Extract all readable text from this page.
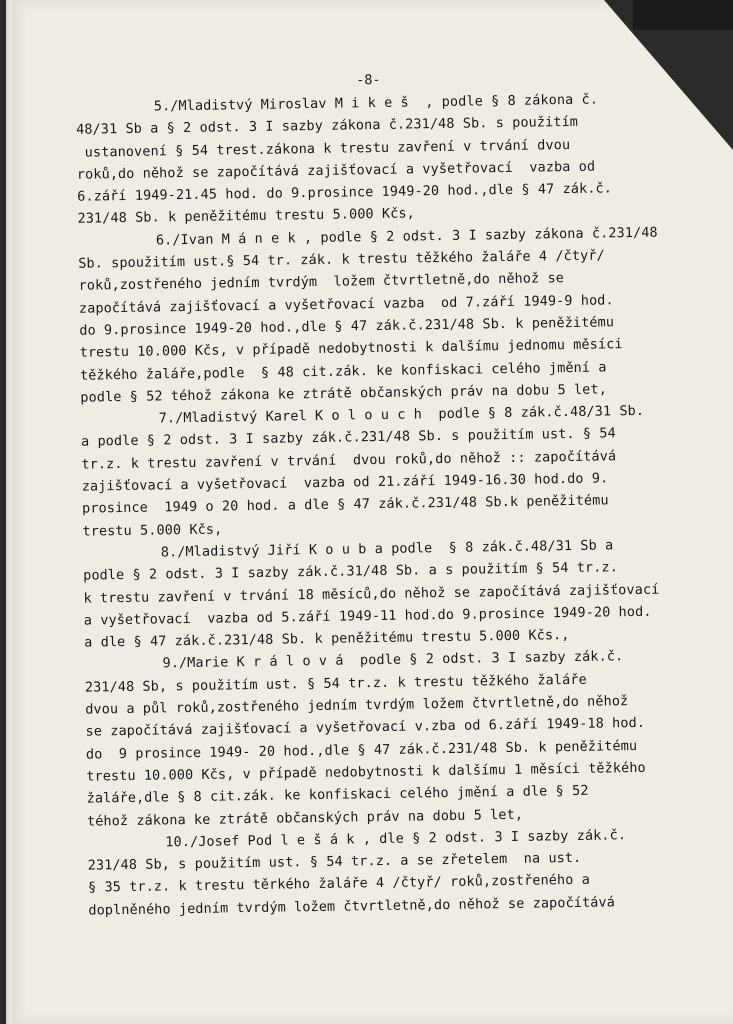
-8-
5./Mladistvý Miroslav M i k e š  , podle § 8 zákona č.
48/31 Sb a § 2 odst. 3 I sazby zákona č.231/48 Sb. s použitím
ustanovení § 54 trest.zákona k trestu zavření v trvání dvou
roků,do něhož se započítává zajišťovací a vyšetřovací  vazba od
6.září 1949-21.45 hod. do 9.prosince 1949-20 hod.,dle § 47 zák.č.
231/48 Sb. k peněžitému trestu 5.000 Kčs,
6./Ivan M á n e k , podle § 2 odst. 3 I sazby zákona č.231/48
Sb. spoužitím ust.§ 54 tr. zák. k trestu těžkého žaláře 4 /čtyř/
roků,zostřeného jedním tvrdým  ložem čtvrtletně,do něhož se
započítává zajišťovací a vyšetřovací vazba  od 7.září 1949-9 hod.
do 9.prosince 1949-20 hod.,dle § 47 zák.č.231/48 Sb. k peněžitému
trestu 10.000 Kčs, v případě nedobytnosti k dalšímu jednomu měsíci
těžkého žaláře,podle  § 48 cit.zák. ke konfiskaci celého jmění a
podle § 52 téhož zákona ke ztrátě občanských práv na dobu 5 let,
7./Mladistvý Karel K o l o u c h  podle § 8 zák.č.48/31 Sb.
a podle § 2 odst. 3 I sazby zák.č.231/48 Sb. s použitím ust. § 54
tr.z. k trestu zavření v trvání  dvou roků,do něhož :: započítává
zajišťovací a vyšetřovací  vazba od 21.září 1949-16.30 hod.do 9.
prosince  1949 o 20 hod. a dle § 47 zák.č.231/48 Sb.k peněžitému
trestu 5.000 Kčs,
8./Mladistvý Jiří K o u b a podle  § 8 zák.č.48/31 Sb a
podle § 2 odst. 3 I sazby zák.č.31/48 Sb. a s použitím § 54 tr.z.
k trestu zavření v trvání 18 měsíců,do něhož se započítává zajišťovací
a vyšetřovací  vazba od 5.září 1949-11 hod.do 9.prosince 1949-20 hod.
a dle § 47 zák.č.231/48 Sb. k peněžitému trestu 5.000 Kčs.,
9./Marie K r á l o v á  podle § 2 odst. 3 I sazby zák.č.
231/48 Sb, s použitím ust. § 54 tr.z. k trestu těžkého žaláře
dvou a půl roků,zostřeného jedním tvrdým ložem čtvrtletně,do něhož
se započítává zajišťovací a vyšetřovací v.zba od 6.září 1949-18 hod.
do  9 prosince 1949- 20 hod.,dle § 47 zák.č.231/48 Sb. k peněžitému
trestu 10.000 Kčs, v případě nedobytnosti k dalšímu 1 měsíci těžkého
žaláře,dle § 8 cit.zák. ke konfiskaci celého jmění a dle § 52
téhož zákona ke ztrátě občanských práv na dobu 5 let,
10./Josef Pod l e š á k , dle § 2 odst. 3 I sazby zák.č.
231/48 Sb, s použitím ust. § 54 tr.z. a se zřetelem  na ust.
§ 35 tr.z. k trestu těrkého žaláře 4 /čtyř/ roků,zostřeného a
doplněného jedním tvrdým ložem čtvrtletně,do něhož se započítává
